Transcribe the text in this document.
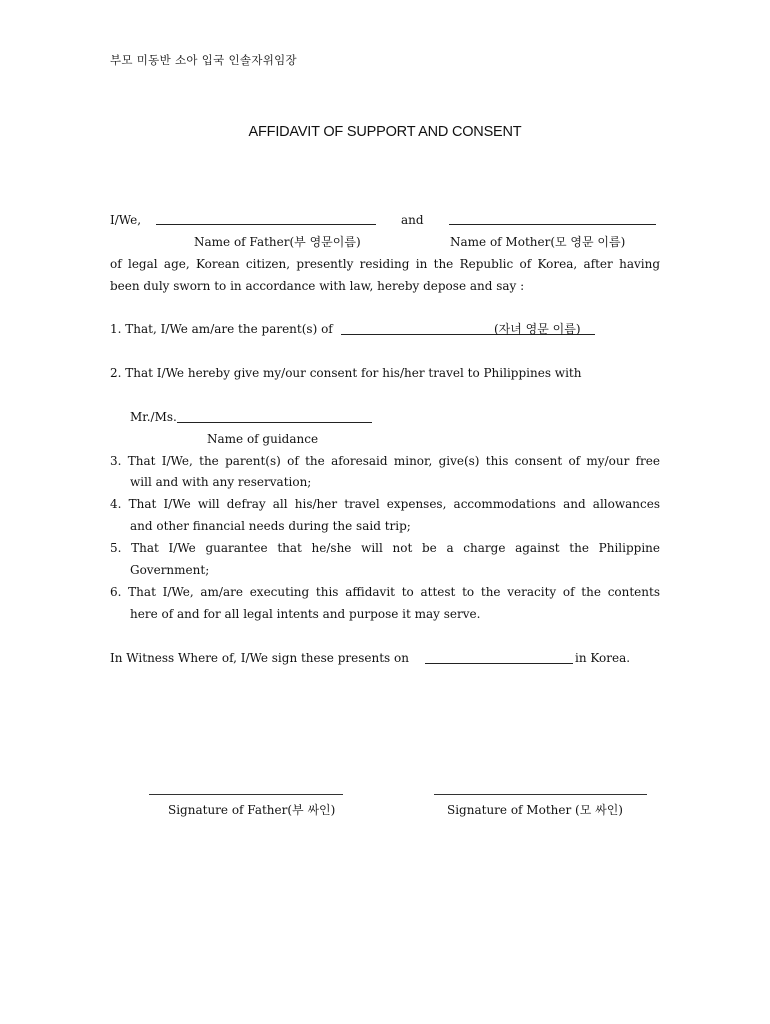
부모 미동반 소아 입국 인솔자위임장
AFFIDAVIT OF SUPPORT AND CONSENT
I/We,	and
Name of Father(부 영문이름)	Name of Mother(모 영문 이름)
of legal age, Korean citizen, presently residing in the Republic of Korea, after having
been duly sworn to in accordance with law, hereby depose and say :
1. That, I/We am/are the parent(s) of	(자녀 영문 이름)
2. That I/We hereby give my/our consent for his/her travel to Philippines with
Mr./Ms.
Name of guidance
3. That I/We, the parent(s) of the aforesaid minor, give(s) this consent of my/our free
will and with any reservation;
4. That I/We will defray all his/her travel expenses, accommodations and allowances
and other financial needs during the said trip;
5. That I/We guarantee that he/she will not be a charge against the Philippine
Government;
6. That I/We, am/are executing this affidavit to attest to the veracity of the contents
here of and for all legal intents and purpose it may serve.
In Witness Where of, I/We sign these presents on	in Korea.
Signature of Father(부 싸인)	Signature of Mother (모 싸인)
